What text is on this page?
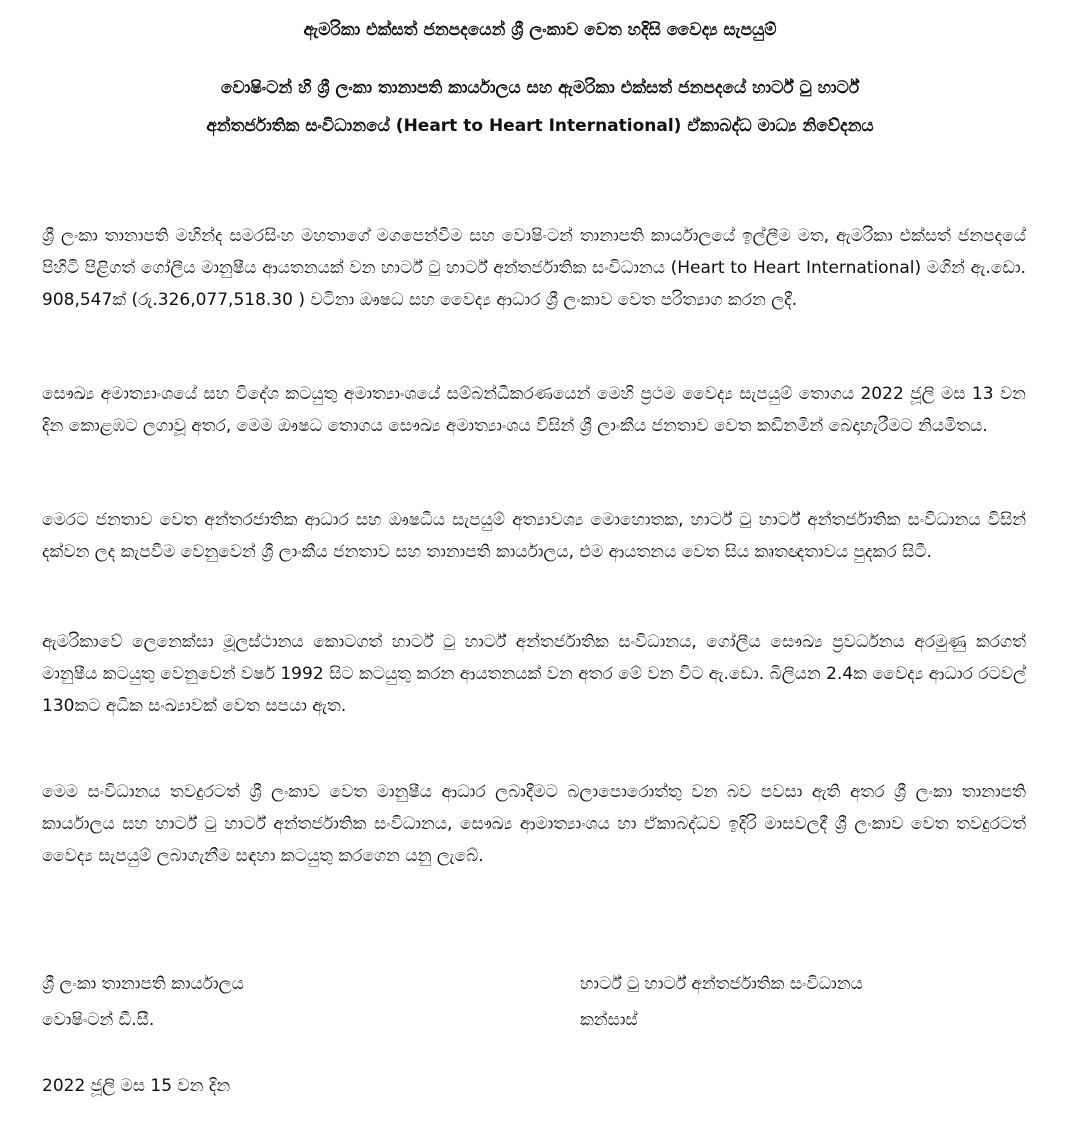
ඇමරිකා එක්සත් ජනපදයෙන් ශ්‍රී ලංකාව වෙත හදිසි වෛද්‍ය සැපයුම්
වොෂිංටන් හි ශ්‍රී ලංකා තානාපති කාර්යාලය සහ ඇමරිකා එක්සත් ජනපදයේ හාර්ට් ටු හාර්ට්
අන්තර්ජාතික සංවිධානයේ (Heart to Heart International) ඒකාබද්ධ මාධ්‍ය නිවේදනය
ශ්‍රී ලංකා තානාපති මහින්ද සමරසිංහ මහතාගේ මගපෙන්වීම සහ වොෂිංටන් තානාපති කාර්යාලයේ ඉල්ලීම මත, ඇමරිකා එක්සත් ජනපදයේ පිහිටි පිළිගත් ගෝලීය මානුෂීය ආයතනයක් වන හාර්ට් ටු හාර්ට් අන්තර්ජාතික සංවිධානය (Heart to Heart International) මගින් ඇ.ඩො. 908,547ක් (රු.326,077,518.30 ) වටිනා ඖෂධ සහ වෛද්‍ය ආධාර ශ්‍රී ලංකාව වෙත පරිත්‍යාග කරන ලදී.
සෞඛ්‍ය අමාත්‍යාංශයේ සහ විදේශ කටයුතු අමාත්‍යාංශයේ සම්බන්ධීකරණයෙන් මෙහි ප්‍රථම වෛද්‍ය සැපයුම් තොගය 2022 ජූලි මස 13 වන දින කොළඹට ලගාවූ අතර, මෙම ඖෂධ තොගය සෞඛ්‍ය අමාත්‍යාංශය විසින් ශ්‍රී ලාංකීය ජනතාව වෙත කඩිනමින් බෙදාහැරීමට නියමිතය.
මෙරට ජනතාව වෙත අන්තරජාතික ආධාර සහ ඖෂධීය සැපයුම් අත්‍යාවශ්‍ය මොහොතක, හාර්ට් ටු හාර්ට් අන්තර්ජාතික සංවිධානය විසින් දක්වන ලද කැපවීම වෙනුවෙන් ශ්‍රී ලාංකීය ජනතාව සහ තානාපති කාර්යාලය, එම ආයතනය වෙත සිය කෘතඥතාවය පුදකර සිටී.
ඇමරිකාවේ ලෙනෙක්සා මූලස්ථානය කොටගත් හාර්ට් ටු හාර්ට් අන්තර්ජාතික සංවිධානය, ගෝලීය සෞඛ්‍ය ප්‍රවර්ධනය අරමුණු කරගත් මානුෂීය කටයුතු වෙනුවෙන් වර්ෂ 1992 සිට කටයුතු කරන ආයතනයක් වන අතර මේ වන විට ඇ.ඩො. බිලියන 2.4ක වෛද්‍ය ආධාර රටවල් 130කට අධික සංඛ්‍යාවක් වෙත සපයා ඇත.
මෙම සංවිධානය තවදුරටත් ශ්‍රී ලංකාව වෙත මානුෂීය ආධාර ලබාදීමට බලාපොරොත්තු වන බව පවසා ඇති අතර ශ්‍රී ලංකා තානාපති කාර්යාලය සහ හාර්ට් ටු හාර්ට් අන්තර්ජාතික සංවිධානය, සෞඛ්‍ය ආමාත්‍යාංශය හා ඒකාබද්ධව ඉදිරි මාසවලදී ශ්‍රී ලංකාව වෙත තවදුරටත් වෛද්‍ය සැපයුම් ලබාගැනීම සඳහා කටයුතු කරගෙන යනු ලැබේ.
ශ්‍රී ලංකා තානාපති කාර්යාලය
වොෂිංටන් ඩී.සී.
හාර්ට් ටු හාර්ට් අන්තර්ජාතික සංවිධානය
කන්සාස්
2022 ජූලි මස 15 වන දින
